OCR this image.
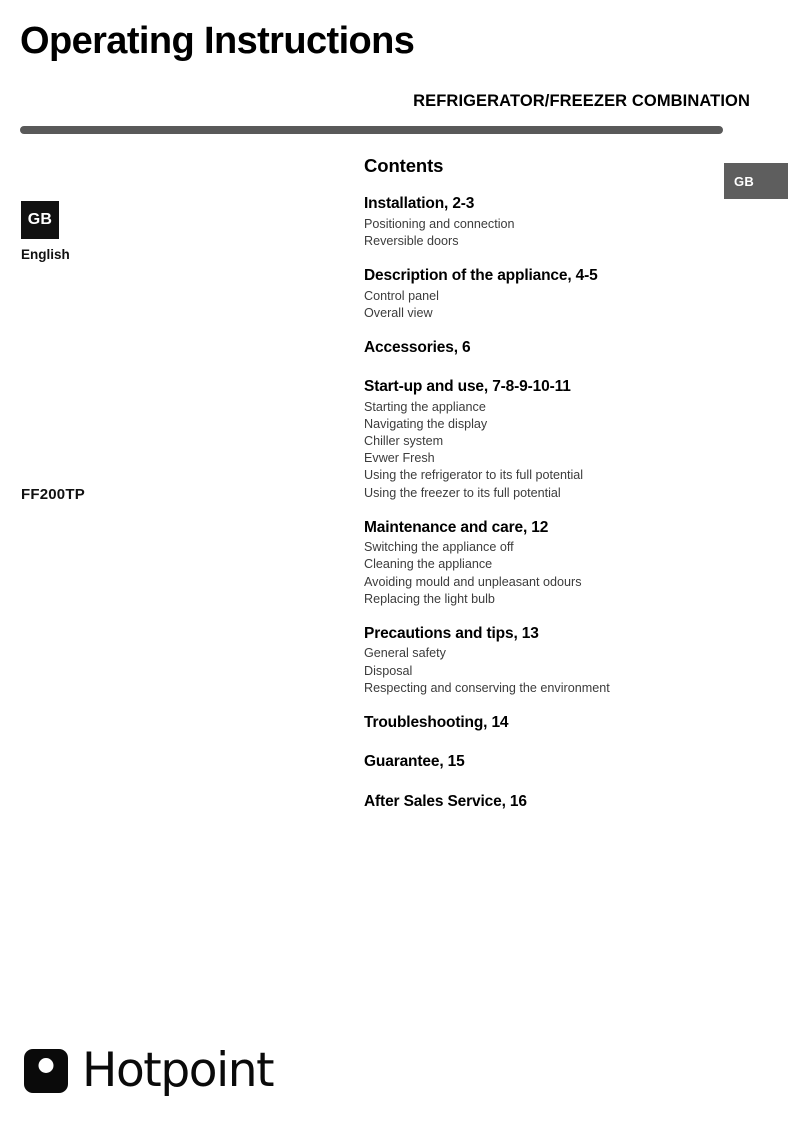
Operating Instructions
REFRIGERATOR/FREEZER COMBINATION
GB
GB
English
FF200TP
Contents
Installation, 2-3
Positioning and connection
Reversible doors
Description of the appliance, 4-5
Control panel
Overall view
Accessories, 6
Start-up and use, 7-8-9-10-11
Starting the appliance
Navigating the display
Chiller system
Evwer Fresh
Using the refrigerator to its full potential
Using the freezer to its full potential
Maintenance and care, 12
Switching the appliance off
Cleaning the appliance
Avoiding mould and unpleasant odours
Replacing the light bulb
Precautions and tips, 13
General safety
Disposal
Respecting and conserving the environment
Troubleshooting, 14
Guarantee, 15
After Sales Service, 16
Hotpoint
